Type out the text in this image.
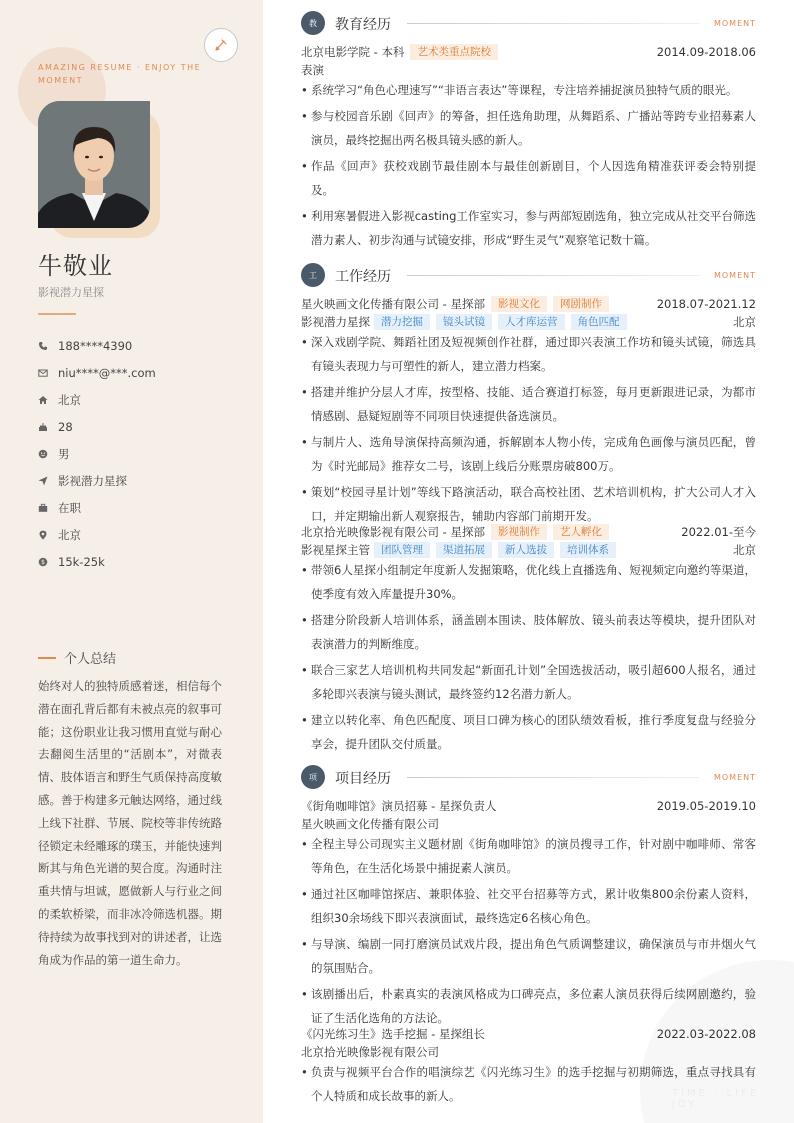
AMAZING RESUME · ENJOY THE MOMENT
牛敬业
影视潜力星探
188****4390
niu****@***.com
北京
28
男
影视潜力星探
在职
北京
$ 15k-25k
个人总结

始终对人的独特质感着迷，相信每个潜在面孔背后都有未被点亮的叙事可能；这份职业让我习惯用直觉与耐心去翻阅生活里的“活剧本”，对微表情、肢体语言和野生气质保持高度敏感。善于构建多元触达网络，通过线上线下社群、节展、院校等非传统路径锁定未经雕琢的璞玉，并能快速判断其与角色光谱的契合度。沟通时注重共情与坦诚，愿做新人与行业之间的柔软桥梁，而非冰冷筛选机器。期待持续为故事找到对的讲述者，让选角成为作品的第一道生命力。

TIME · LIFE · JOY
教	教育经历	MOMENT
北京电影学院 - 本科	艺术类重点院校	2014.09-2018.06
表演
• 系统学习“角色心理速写”“非语言表达”等课程，专注培养捕捉演员独特气质的眼光。
• 参与校园音乐剧《回声》的筹备，担任选角助理，从舞蹈系、广播站等跨专业招募素人演员，最终挖掘出两名极具镜头感的新人。
• 作品《回声》获校戏剧节最佳剧本与最佳创新剧目，个人因选角精准获评委会特别提及。
• 利用寒暑假进入影视casting工作室实习，参与两部短剧选角，独立完成从社交平台筛选潜力素人、初步沟通与试镜安排，形成“野生灵气”观察笔记数十篇。
工	工作经历	MOMENT
星火映画文化传播有限公司 - 星探部	影视文化	网剧制作	2018.07-2021.12
影视潜力星探	潜力挖掘	镜头试镜	人才库运营	角色匹配	北京
• 深入戏剧学院、舞蹈社团及短视频创作社群，通过即兴表演工作坊和镜头试镜，筛选具有镜头表现力与可塑性的新人，建立潜力档案。
• 搭建并维护分层人才库，按型格、技能、适合赛道打标签，每月更新跟进记录，为都市情感剧、悬疑短剧等不同项目快速提供备选演员。
• 与制片人、选角导演保持高频沟通，拆解剧本人物小传，完成角色画像与演员匹配，曾为《时光邮局》推荐女二号，该剧上线后分账票房破800万。
• 策划“校园寻星计划”等线下路演活动，联合高校社团、艺术培训机构，扩大公司人才入口，并定期输出新人观察报告，辅助内容部门前期开发。
北京拾光映像影视有限公司 - 星探部	影视制作	艺人孵化	2022.01-至今
影视星探主管	团队管理	渠道拓展	新人选拔	培训体系	北京
• 带领6人星探小组制定年度新人发掘策略，优化线上直播选角、短视频定向邀约等渠道，使季度有效入库量提升30%。
• 搭建分阶段新人培训体系，涵盖剧本围读、肢体解放、镜头前表达等模块，提升团队对表演潜力的判断维度。
• 联合三家艺人培训机构共同发起“新面孔计划”全国选拔活动，吸引超600人报名，通过多轮即兴表演与镜头测试，最终签约12名潜力新人。
• 建立以转化率、角色匹配度、项目口碑为核心的团队绩效看板，推行季度复盘与经验分享会，提升团队交付质量。
项	项目经历	MOMENT
《街角咖啡馆》演员招募 - 星探负责人	2019.05-2019.10
星火映画文化传播有限公司
• 全程主导公司现实主义题材剧《街角咖啡馆》的演员搜寻工作，针对剧中咖啡师、常客等角色，在生活化场景中捕捉素人演员。
• 通过社区咖啡馆探店、兼职体验、社交平台招募等方式，累计收集800余份素人资料，组织30余场线下即兴表演面试，最终选定6名核心角色。
• 与导演、编剧一同打磨演员试戏片段，提出角色气质调整建议，确保演员与市井烟火气的氛围贴合。
• 该剧播出后，朴素真实的表演风格成为口碑亮点，多位素人演员获得后续网剧邀约，验证了生活化选角的方法论。
《闪光练习生》选手挖掘 - 星探组长	2022.03-2022.08
北京拾光映像影视有限公司
• 负责与视频平台合作的唱演综艺《闪光练习生》的选手挖掘与初期筛选，重点寻找具有个人特质和成长故事的新人。
